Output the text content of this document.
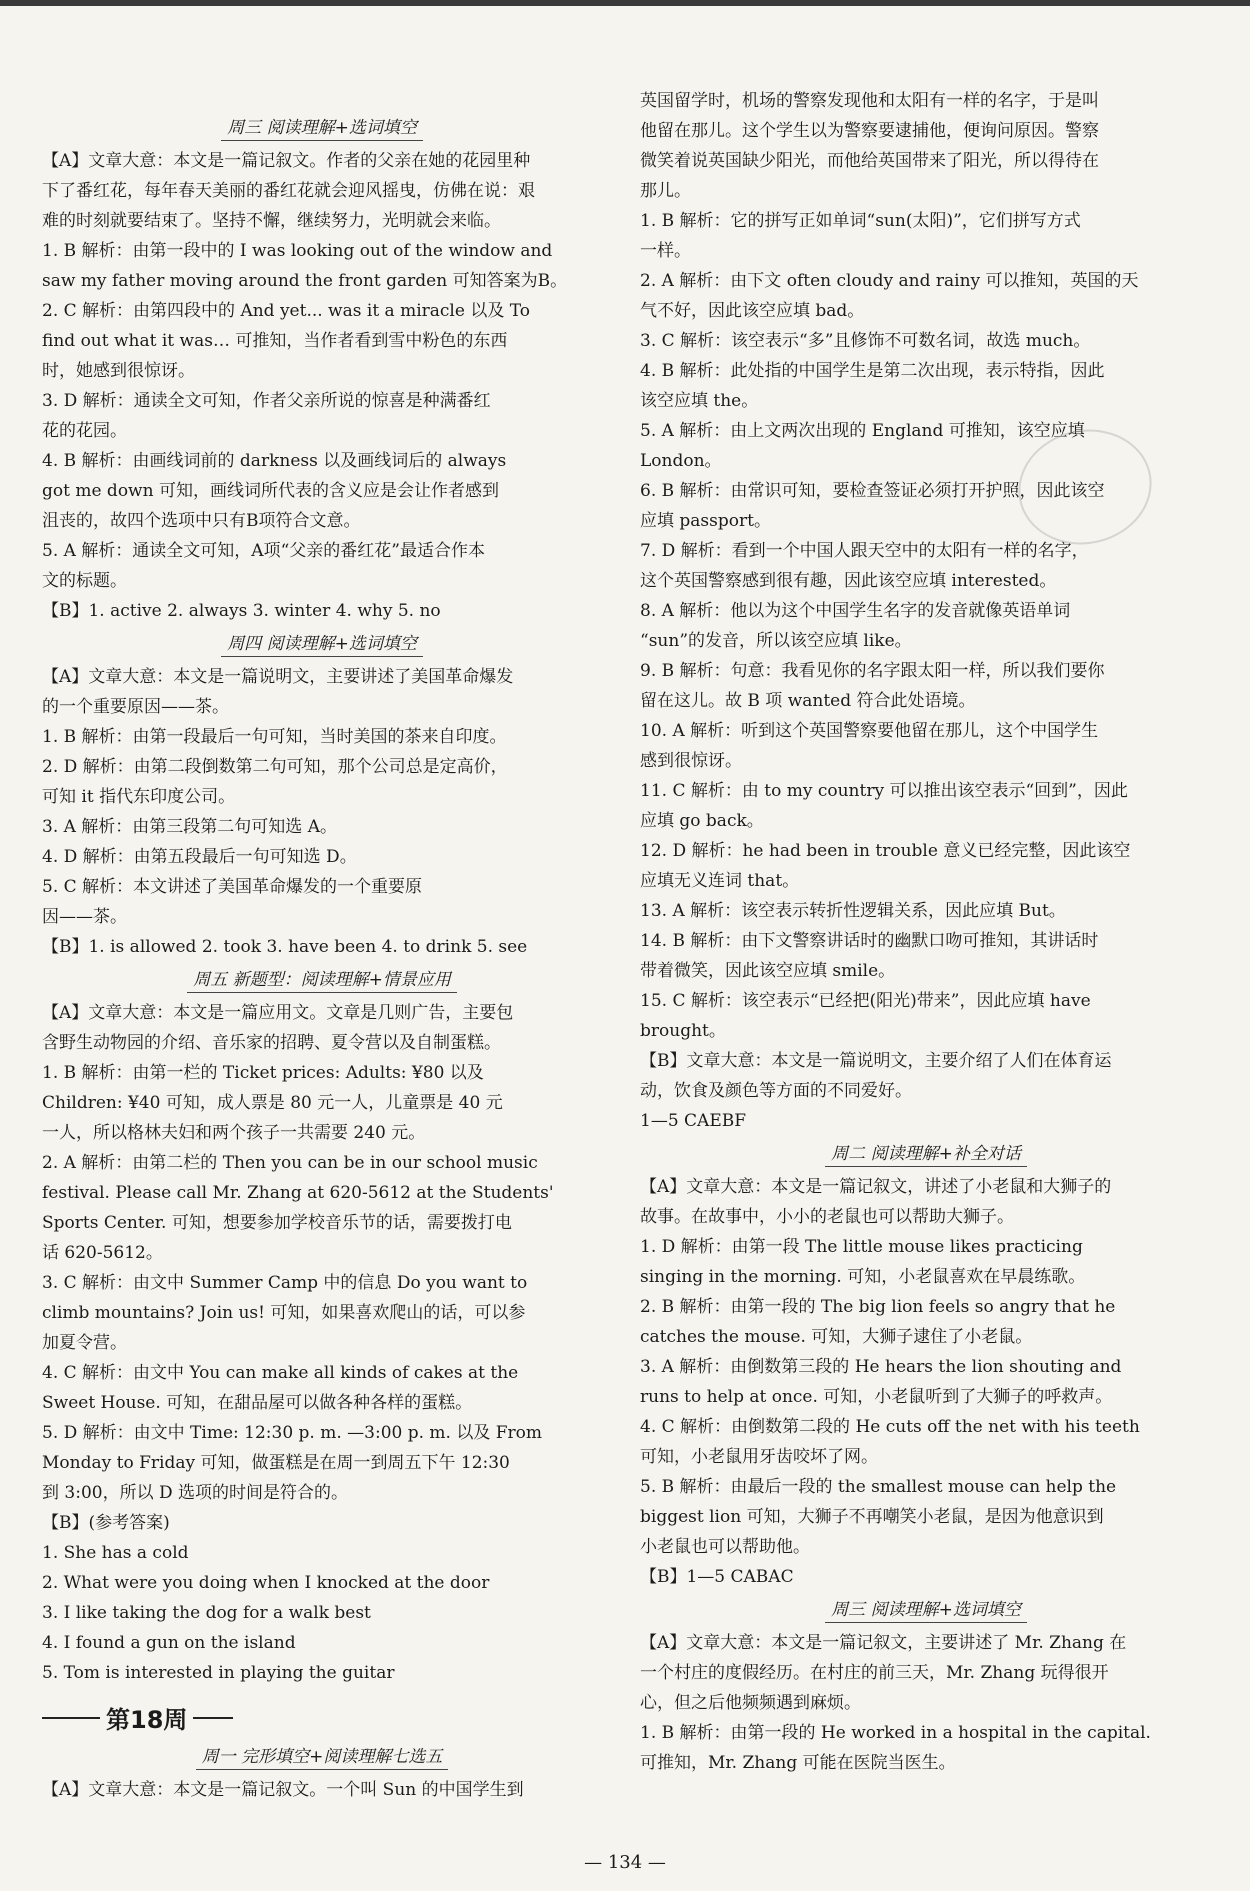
周三 阅读理解+选词填空
【A】文章大意：本文是一篇记叙文。作者的父亲在她的花园里种
下了番红花，每年春天美丽的番红花就会迎风摇曳，仿佛在说：艰
难的时刻就要结束了。坚持不懈，继续努力，光明就会来临。
1. B 解析：由第一段中的 I was looking out of the window and
saw my father moving around the front garden 可知答案为B。
2. C 解析：由第四段中的 And yet... was it a miracle 以及 To
find out what it was… 可推知，当作者看到雪中粉色的东西
时，她感到很惊讶。
3. D 解析：通读全文可知，作者父亲所说的惊喜是种满番红
花的花园。
4. B 解析：由画线词前的 darkness 以及画线词后的 always
got me down 可知，画线词所代表的含义应是会让作者感到
沮丧的，故四个选项中只有B项符合文意。
5. A 解析：通读全文可知，A项“父亲的番红花”最适合作本
文的标题。
【B】1. active 2. always 3. winter 4. why 5. no
周四 阅读理解+选词填空
【A】文章大意：本文是一篇说明文，主要讲述了美国革命爆发
的一个重要原因——茶。
1. B 解析：由第一段最后一句可知，当时美国的茶来自印度。
2. D 解析：由第二段倒数第二句可知，那个公司总是定高价，
可知 it 指代东印度公司。
3. A 解析：由第三段第二句可知选 A。
4. D 解析：由第五段最后一句可知选 D。
5. C 解析：本文讲述了美国革命爆发的一个重要原
因——茶。
【B】1. is allowed 2. took 3. have been 4. to drink 5. see
周五 新题型：阅读理解+情景应用
【A】文章大意：本文是一篇应用文。文章是几则广告，主要包
含野生动物园的介绍、音乐家的招聘、夏令营以及自制蛋糕。
1. B 解析：由第一栏的 Ticket prices: Adults: ¥80 以及
Children: ¥40 可知，成人票是 80 元一人，儿童票是 40 元
一人，所以格林夫妇和两个孩子一共需要 240 元。
2. A 解析：由第二栏的 Then you can be in our school music
festival. Please call Mr. Zhang at 620-5612 at the Students'
Sports Center. 可知，想要参加学校音乐节的话，需要拨打电
话 620-5612。
3. C 解析：由文中 Summer Camp 中的信息 Do you want to
climb mountains? Join us! 可知，如果喜欢爬山的话，可以参
加夏令营。
4. C 解析：由文中 You can make all kinds of cakes at the
Sweet House. 可知，在甜品屋可以做各种各样的蛋糕。
5. D 解析：由文中 Time: 12:30 p. m. —3:00 p. m. 以及 From
Monday to Friday 可知，做蛋糕是在周一到周五下午 12:30
到 3:00，所以 D 选项的时间是符合的。
【B】(参考答案)
1. She has a cold
2. What were you doing when I knocked at the door
3. I like taking the dog for a walk best
4. I found a gun on the island
5. Tom is interested in playing the guitar
第18周
周一 完形填空+阅读理解七选五
【A】文章大意：本文是一篇记叙文。一个叫 Sun 的中国学生到
英国留学时，机场的警察发现他和太阳有一样的名字，于是叫
他留在那儿。这个学生以为警察要逮捕他，便询问原因。警察
微笑着说英国缺少阳光，而他给英国带来了阳光，所以得待在
那儿。
1. B 解析：它的拼写正如单词“sun(太阳)”，它们拼写方式
一样。
2. A 解析：由下文 often cloudy and rainy 可以推知，英国的天
气不好，因此该空应填 bad。
3. C 解析：该空表示“多”且修饰不可数名词，故选 much。
4. B 解析：此处指的中国学生是第二次出现，表示特指，因此
该空应填 the。
5. A 解析：由上文两次出现的 England 可推知，该空应填
London。
6. B 解析：由常识可知，要检查签证必须打开护照，因此该空
应填 passport。
7. D 解析：看到一个中国人跟天空中的太阳有一样的名字，
这个英国警察感到很有趣，因此该空应填 interested。
8. A 解析：他以为这个中国学生名字的发音就像英语单词
“sun”的发音，所以该空应填 like。
9. B 解析：句意：我看见你的名字跟太阳一样，所以我们要你
留在这儿。故 B 项 wanted 符合此处语境。
10. A 解析：听到这个英国警察要他留在那儿，这个中国学生
感到很惊讶。
11. C 解析：由 to my country 可以推出该空表示“回到”，因此
应填 go back。
12. D 解析：he had been in trouble 意义已经完整，因此该空
应填无义连词 that。
13. A 解析：该空表示转折性逻辑关系，因此应填 But。
14. B 解析：由下文警察讲话时的幽默口吻可推知，其讲话时
带着微笑，因此该空应填 smile。
15. C 解析：该空表示“已经把(阳光)带来”，因此应填 have
brought。
【B】文章大意：本文是一篇说明文，主要介绍了人们在体育运
动，饮食及颜色等方面的不同爱好。
1—5 CAEBF
周二 阅读理解+补全对话
【A】文章大意：本文是一篇记叙文，讲述了小老鼠和大狮子的
故事。在故事中，小小的老鼠也可以帮助大狮子。
1. D 解析：由第一段 The little mouse likes practicing
singing in the morning. 可知，小老鼠喜欢在早晨练歌。
2. B 解析：由第一段的 The big lion feels so angry that he
catches the mouse. 可知，大狮子逮住了小老鼠。
3. A 解析：由倒数第三段的 He hears the lion shouting and
runs to help at once. 可知，小老鼠听到了大狮子的呼救声。
4. C 解析：由倒数第二段的 He cuts off the net with his teeth
可知，小老鼠用牙齿咬坏了网。
5. B 解析：由最后一段的 the smallest mouse can help the
biggest lion 可知，大狮子不再嘲笑小老鼠，是因为他意识到
小老鼠也可以帮助他。
【B】1—5 CABAC
周三 阅读理解+选词填空
【A】文章大意：本文是一篇记叙文，主要讲述了 Mr. Zhang 在
一个村庄的度假经历。在村庄的前三天，Mr. Zhang 玩得很开
心，但之后他频频遇到麻烦。
1. B 解析：由第一段的 He worked in a hospital in the capital.
可推知，Mr. Zhang 可能在医院当医生。
— 134 —
